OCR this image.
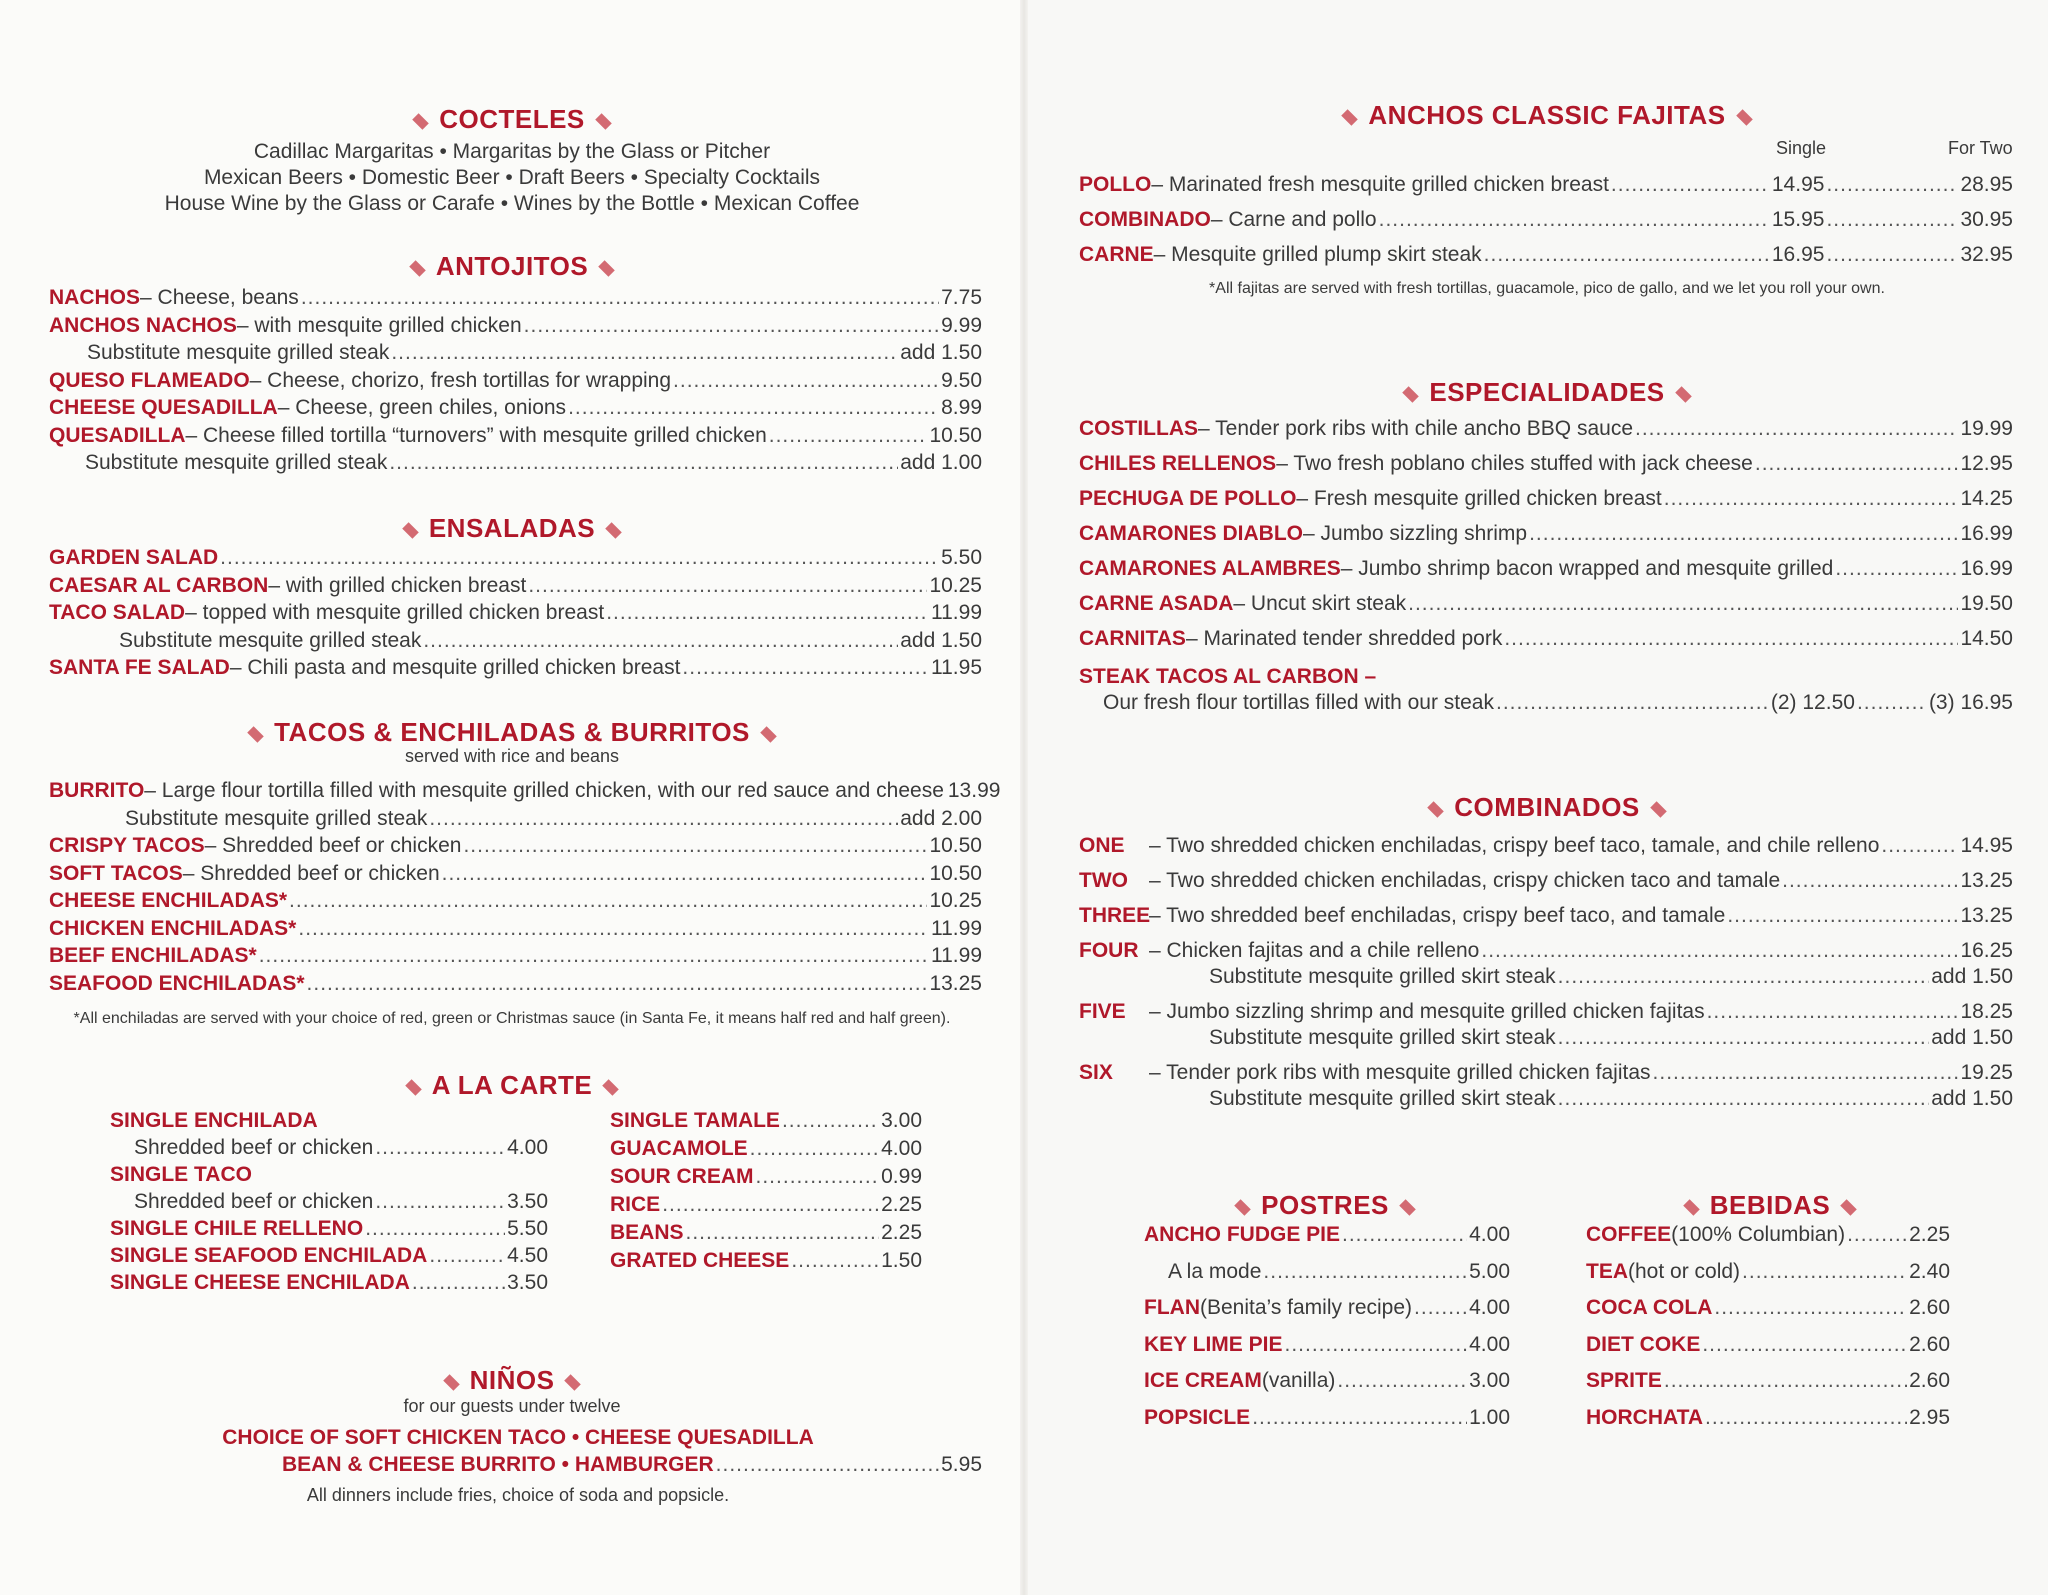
COCTELES
Cadillac Margaritas • Margaritas by the Glass or Pitcher
Mexican Beers • Domestic Beer • Draft Beers • Specialty Cocktails
House Wine by the Glass or Carafe • Wines by the Bottle • Mexican Coffee
ANTOJITOS
NACHOS – Cheese, beans .....	7.75
ANCHOS NACHOS – with mesquite grilled chicken .....	9.99
Substitute mesquite grilled steak .....	add 1.50
QUESO FLAMEADO – Cheese, chorizo, fresh tortillas for wrapping .....	9.50
CHEESE QUESADILLA – Cheese, green chiles, onions .....	8.99
QUESADILLA – Cheese filled tortilla “turnovers” with mesquite grilled chicken .....	10.50
Substitute mesquite grilled steak .....	add 1.00
ENSALADAS
GARDEN SALAD .....	5.50
CAESAR AL CARBON – with grilled chicken breast .....	10.25
TACO SALAD – topped with mesquite grilled chicken breast .....	11.99
Substitute mesquite grilled steak .....	add 1.50
SANTA FE SALAD – Chili pasta and mesquite grilled chicken breast .....	11.95
TACOS & ENCHILADAS & BURRITOS
served with rice and beans
BURRITO – Large flour tortilla filled with mesquite grilled chicken, with our red sauce and cheese 13.99
Substitute mesquite grilled steak .....	add 2.00
CRISPY TACOS – Shredded beef or chicken .....	10.50
SOFT TACOS – Shredded beef or chicken .....	10.50
CHEESE ENCHILADAS* .....	10.25
CHICKEN ENCHILADAS* .....	11.99
BEEF ENCHILADAS* .....	11.99
SEAFOOD ENCHILADAS* .....	13.25
*All enchiladas are served with your choice of red, green or Christmas sauce (in Santa Fe, it means half red and half green).
A LA CARTE
SINGLE ENCHILADA
Shredded beef or chicken .....	4.00
SINGLE TACO
Shredded beef or chicken .....	3.50
SINGLE CHILE RELLENO .....	5.50
SINGLE SEAFOOD ENCHILADA .....	4.50
SINGLE CHEESE ENCHILADA .....	3.50
SINGLE TAMALE .....	3.00
GUACAMOLE .....	4.00
SOUR CREAM .....	0.99
RICE .....	2.25
BEANS .....	2.25
GRATED CHEESE .....	1.50
NIÑOS
for our guests under twelve
CHOICE OF SOFT CHICKEN TACO • CHEESE QUESADILLA
BEAN & CHEESE BURRITO • HAMBURGER .....	5.95
All dinners include fries, choice of soda and popsicle.
ANCHOS CLASSIC FAJITAS
Single	For Two
POLLO – Marinated fresh mesquite grilled chicken breast .....	14.95 .....	28.95
COMBINADO – Carne and pollo .....	15.95 .....	30.95
CARNE – Mesquite grilled plump skirt steak .....	16.95 .....	32.95
*All fajitas are served with fresh tortillas, guacamole, pico de gallo, and we let you roll your own.
ESPECIALIDADES
COSTILLAS – Tender pork ribs with chile ancho BBQ sauce .....	19.99
CHILES RELLENOS – Two fresh poblano chiles stuffed with jack cheese .....	12.95
PECHUGA DE POLLO – Fresh mesquite grilled chicken breast .....	14.25
CAMARONES DIABLO – Jumbo sizzling shrimp .....	16.99
CAMARONES ALAMBRES – Jumbo shrimp bacon wrapped and mesquite grilled .....	16.99
CARNE ASADA – Uncut skirt steak .....	19.50
CARNITAS – Marinated tender shredded pork .....	14.50
STEAK TACOS AL CARBON –
Our fresh flour tortillas filled with our steak .....	(2) 12.50 .....	(3) 16.95
COMBINADOS
ONE	– Two shredded chicken enchiladas, crispy beef taco, tamale, and chile relleno .....	14.95
TWO	– Two shredded chicken enchiladas, crispy chicken taco and tamale .....	13.25
THREE
– Two shredded beef enchiladas, crispy beef taco, and tamale .....	13.25
FOUR – Chicken fajitas and a chile relleno .....	16.25
Substitute mesquite grilled skirt steak .....	add 1.50
FIVE	– Jumbo sizzling shrimp and mesquite grilled chicken fajitas .....	18.25
Substitute mesquite grilled skirt steak .....	add 1.50
SIX	– Tender pork ribs with mesquite grilled chicken fajitas .....	19.25
Substitute mesquite grilled skirt steak .....	add 1.50
POSTRES
ANCHO FUDGE PIE .....	4.00
A la mode .....	5.00
FLAN (Benita’s family recipe) .....	4.00
KEY LIME PIE .....	4.00
ICE CREAM (vanilla) .....	3.00
POPSICLE .....	1.00
BEBIDAS
COFFEE (100% Columbian) .....	2.25
TEA (hot or cold) .....	2.40
COCA COLA .....	2.60
DIET COKE .....	2.60
SPRITE .....	2.60
HORCHATA .....	2.95
